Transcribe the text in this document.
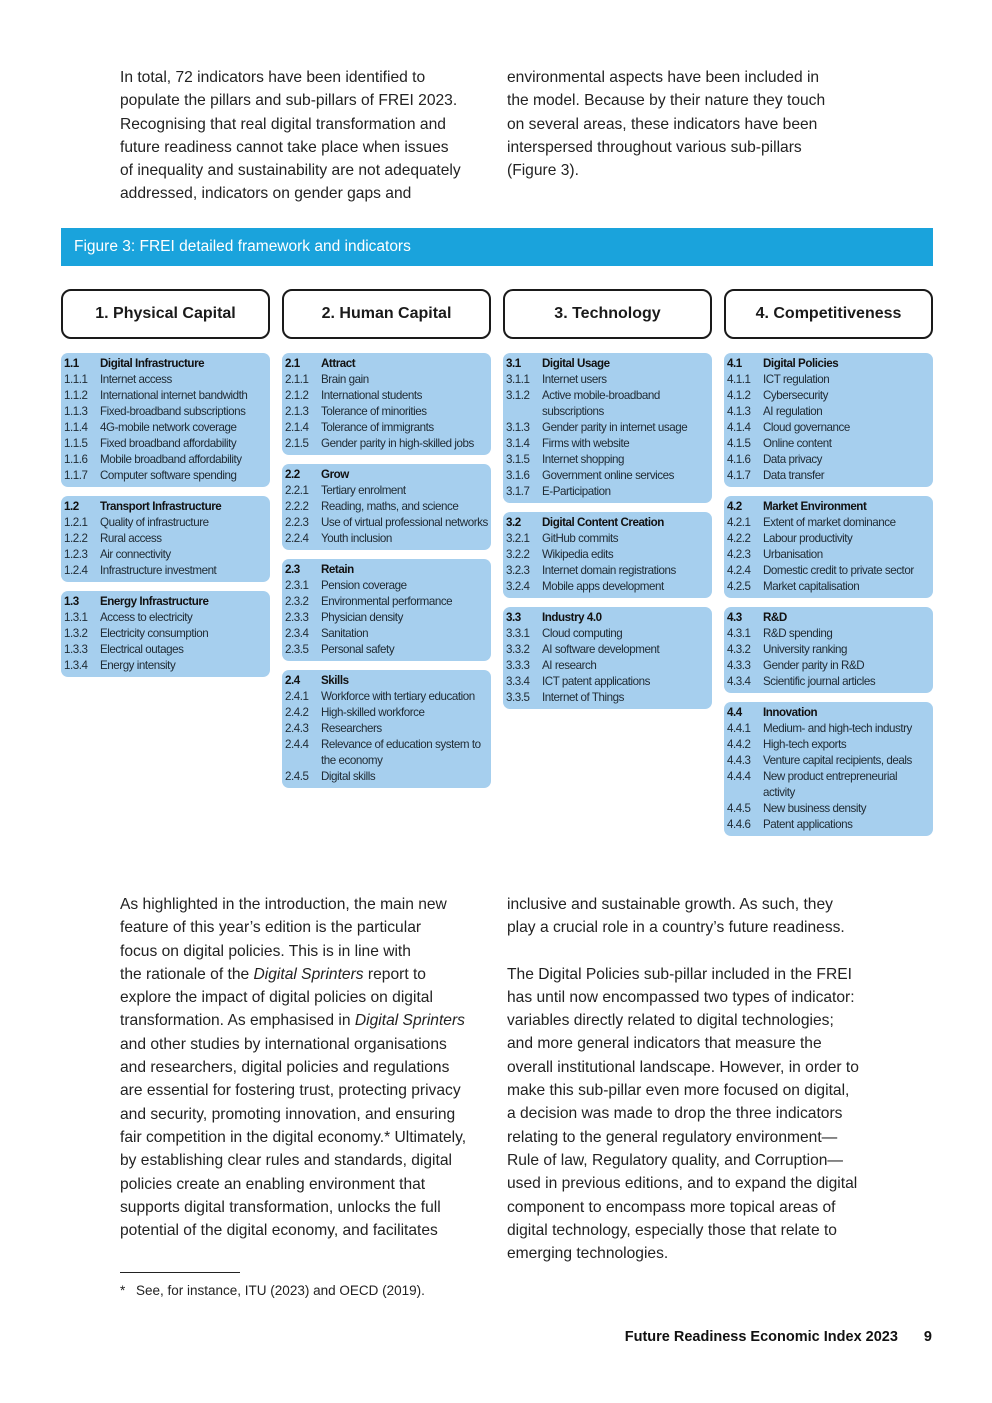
In total, 72 indicators have been identified to
populate the pillars and sub-pillars of FREI 2023.
Recognising that real digital transformation and
future readiness cannot take place when issues
of inequality and sustainability are not adequately
addressed, indicators on gender gaps and

environmental aspects have been included in
the model. Because by their nature they touch
on several areas, these indicators have been
interspersed throughout various sub-pillars
(Figure 3).

Figure 3: FREI detailed framework and indicators
1. Physical Capital
1.1	Digital Infrastructure
1.1.1	Internet access
1.1.2	International internet bandwidth
1.1.3	Fixed-broadband subscriptions
1.1.4	4G-mobile network coverage
1.1.5	Fixed broadband affordability
1.1.6	Mobile broadband affordability
1.1.7	Computer software spending
1.2	Transport Infrastructure
1.2.1	Quality of infrastructure
1.2.2	Rural access
1.2.3	Air connectivity
1.2.4	Infrastructure investment
1.3	Energy Infrastructure
1.3.1	Access to electricity
1.3.2	Electricity consumption
1.3.3	Electrical outages
1.3.4	Energy intensity
2. Human Capital
2.1	Attract
2.1.1	Brain gain
2.1.2	International students
2.1.3	Tolerance of minorities
2.1.4	Tolerance of immigrants
2.1.5	Gender parity in high-skilled jobs
2.2	Grow
2.2.1	Tertiary enrolment
2.2.2	Reading, maths, and science
2.2.3	Use of virtual professional networks
2.2.4	Youth inclusion
2.3	Retain
2.3.1	Pension coverage
2.3.2	Environmental performance
2.3.3	Physician density
2.3.4	Sanitation
2.3.5	Personal safety
2.4	Skills
2.4.1	Workforce with tertiary education
2.4.2	High-skilled workforce
2.4.3	Researchers
2.4.4	Relevance of education system to
the economy
2.4.5	Digital skills
3. Technology
3.1	Digital Usage
3.1.1	Internet users
3.1.2	Active mobile-broadband
subscriptions
3.1.3	Gender parity in internet usage
3.1.4	Firms with website
3.1.5	Internet shopping
3.1.6	Government online services
3.1.7	E-Participation
3.2	Digital Content Creation
3.2.1	GitHub commits
3.2.2	Wikipedia edits
3.2.3	Internet domain registrations
3.2.4	Mobile apps development
3.3	Industry 4.0
3.3.1	Cloud computing
3.3.2	AI software development
3.3.3	AI research
3.3.4	ICT patent applications
3.3.5	Internet of Things
4. Competitiveness
4.1	Digital Policies
4.1.1	ICT regulation
4.1.2	Cybersecurity
4.1.3	AI regulation
4.1.4	Cloud governance
4.1.5	Online content
4.1.6	Data privacy
4.1.7	Data transfer
4.2	Market Environment
4.2.1	Extent of market dominance
4.2.2	Labour productivity
4.2.3	Urbanisation
4.2.4	Domestic credit to private sector
4.2.5	Market capitalisation
4.3	R&D
4.3.1	R&D spending
4.3.2	University ranking
4.3.3	Gender parity in R&D
4.3.4	Scientific journal articles
4.4	Innovation
4.4.1	Medium- and high-tech industry
4.4.2	High-tech exports
4.4.3	Venture capital recipients, deals
4.4.4	New product entrepreneurial
activity
4.4.5	New business density
4.4.6	Patent applications

As highlighted in the introduction, the main new
feature of this year’s edition is the particular
focus on digital policies. This is in line with
the rationale of the Digital Sprinters report to
explore the impact of digital policies on digital
transformation. As emphasised in Digital Sprinters
and other studies by international organisations
and researchers, digital policies and regulations
are essential for fostering trust, protecting privacy
and security, promoting innovation, and ensuring
fair competition in the digital economy.* Ultimately,
by establishing clear rules and standards, digital
policies create an enabling environment that
supports digital transformation, unlocks the full
potential of the digital economy, and facilitates

inclusive and sustainable growth. As such, they
play a crucial role in a country’s future readiness.

The Digital Policies sub-pillar included in the FREI
has until now encompassed two types of indicator:
variables directly related to digital technologies;
and more general indicators that measure the
overall institutional landscape. However, in order to
make this sub-pillar even more focused on digital,
a decision was made to drop the three indicators
relating to the general regulatory environment—
Rule of law, Regulatory quality, and Corruption—
used in previous editions, and to expand the digital
component to encompass more topical areas of
digital technology, especially those that relate to
emerging technologies.

* See, for instance, ITU (2023) and OECD (2019).
Future Readiness Economic Index 2023 9
